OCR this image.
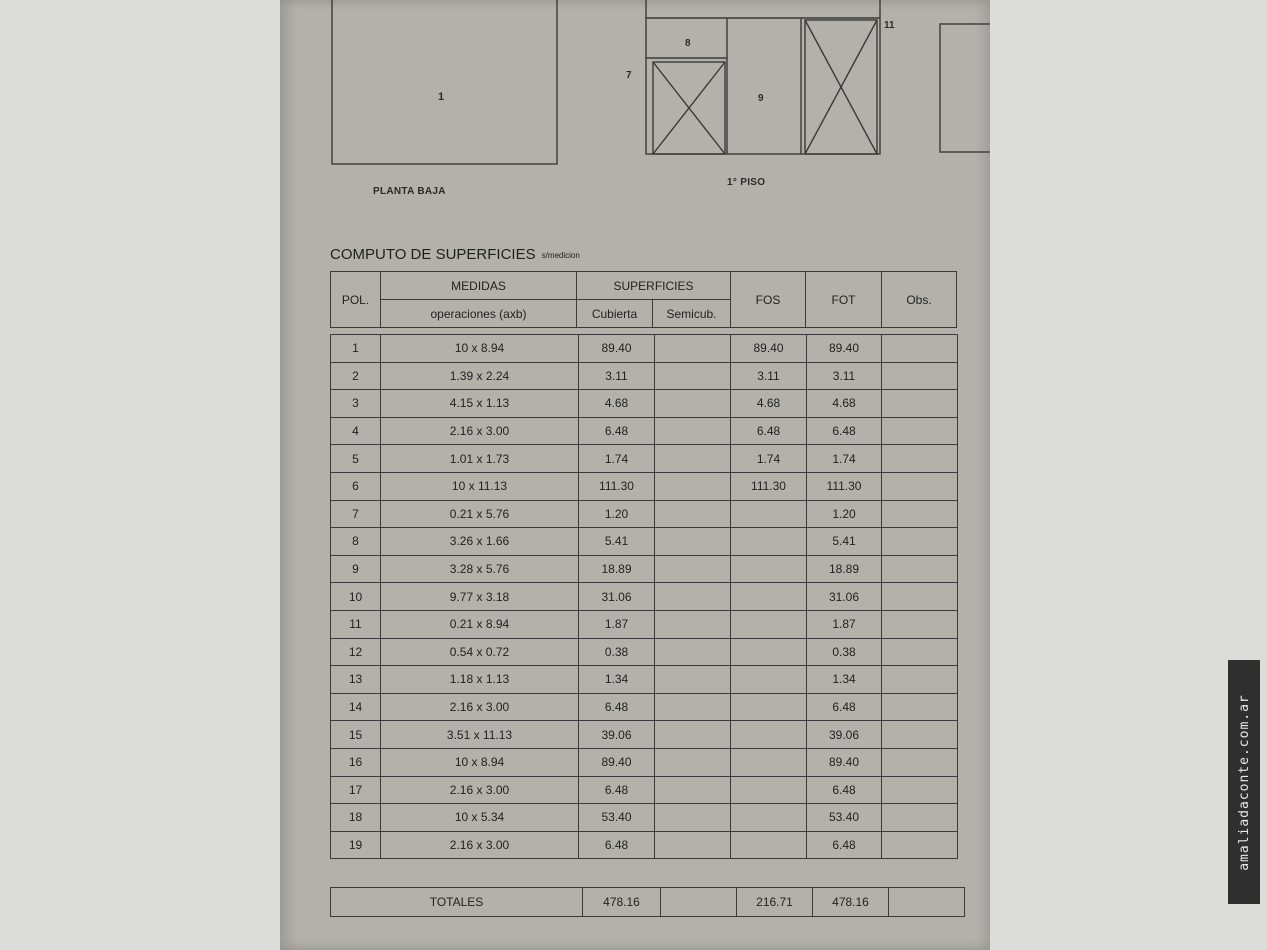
1
8
7
9
11
PLANTA BAJA
1° PISO
COMPUTO DE SUPERFICIES s/medicion
POL.	MEDIDAS	SUPERFICIES		FOS	FOT	Obs.
	operaciones (axb)	Cubierta	Semicub.			
1	10 x 8.94	89.40		89.40	89.40	
2	1.39 x 2.24	3.11		3.11	3.11	
3	4.15 x 1.13	4.68		4.68	4.68	
4	2.16 x 3.00	6.48		6.48	6.48	
5	1.01 x 1.73	1.74		1.74	1.74	
6	10 x 11.13	111.30		111.30	111.30	
7	0.21 x 5.76	1.20			1.20	
8	3.26 x 1.66	5.41			5.41	
9	3.28 x 5.76	18.89			18.89	
10	9.77 x 3.18	31.06			31.06	
11	0.21 x 8.94	1.87			1.87	
12	0.54 x 0.72	0.38			0.38	
13	1.18 x 1.13	1.34			1.34	
14	2.16 x 3.00	6.48			6.48	
15	3.51 x 11.13	39.06			39.06	
16	10 x 8.94	89.40			89.40	
17	2.16 x 3.00	6.48			6.48	
18	10 x 5.34	53.40			53.40	
19	2.16 x 3.00	6.48			6.48	
TOTALES	478.16		216.71	478.16	
amaliadaconte.com.ar
